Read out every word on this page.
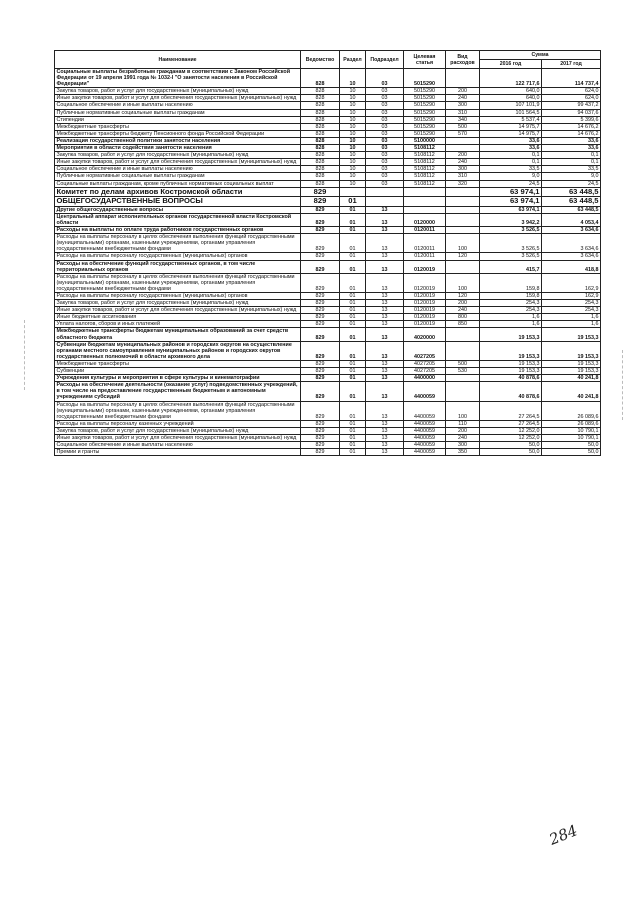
Наименование	Ведомство	Раздел	Подраздел	Целевая статья	Вид расходов	Сумма	
						2016 год	2017 год
Социальные выплаты безработным гражданам в соответствии с Законом Российской Федерации от 19 апреля 1991 года № 1032-I "О занятости населения в Российской Федерации"	828	10	03	5015290		122 717,6	114 737,4
Закупка товаров, работ и услуг для государственных (муниципальных) нужд	828	10	03	5015290	200	640,0	624,0
Иные закупки товаров, работ и услуг для обеспечения государственных (муниципальных) нужд	828	10	03	5015290	240	640,0	624,0
Социальное обеспечение и иные выплаты населению	828	10	03	5015290	300	107 101,9	99 437,2
Публичные нормативные социальные выплаты гражданам	828	10	03	5015290	310	101 564,5	94 037,6
Стипендии	828	10	03	5015290	340	5 537,4	5 399,6
Межбюджетные трансферты	828	10	03	5015290	500	14 975,7	14 676,2
Межбюджетные трансферты бюджету Пенсионного фонда Российской Федерации	828	10	03	5015290	570	14 975,7	14 676,2
Реализация государственной политики занятости населения	828	10	03	5100000		33,6	33,6
Мероприятия в области содействия занятости населения	828	10	03	5108112		33,6	33,6
Закупка товаров, работ и услуг для государственных (муниципальных) нужд	828	10	03	5108112	200	0,1	0,1
Иные закупки товаров, работ и услуг для обеспечения государственных (муниципальных) нужд	828	10	03	5108112	240	0,1	0,1
Социальное обеспечение и иные выплаты населению	828	10	03	5108112	300	33,5	33,5
Публичные нормативные социальные выплаты гражданам	828	10	03	5108112	310	9,0	9,0
Социальные выплаты гражданам, кроме публичных нормативных социальных выплат	828	10	03	5108112	320	24,5	24,5
Комитет по делам архивов Костромской области	829					63 974,1	63 448,5
ОБЩЕГОСУДАРСТВЕННЫЕ ВОПРОСЫ	829	01				63 974,1	63 448,5
Другие общегосударственные вопросы	829	01	13			63 974,1	63 448,5
Центральный аппарат исполнительных органов государственной власти Костромской области	829	01	13	0120000		3 942,2	4 053,4
Расходы на выплаты по оплате труда работников государственных органов	829	01	13	0120011		3 526,5	3 634,6
Расходы на выплаты персоналу в целях обеспечения выполнения функций государственными (муниципальными) органами, казенными учреждениями, органами управления государственными внебюджетными фондами	829	01	13	0120011	100	3 526,5	3 634,6
Расходы на выплаты персоналу государственных (муниципальных) органов	829	01	13	0120011	120	3 526,5	3 634,6
Расходы на обеспечение функций государственных органов, в том числе территориальных органов	829	01	13	0120019		415,7	418,8
Расходы на выплаты персоналу в целях обеспечения выполнения функций государственными (муниципальными) органами, казенными учреждениями, органами управления государственными внебюджетными фондами	829	01	13	0120019	100	159,8	162,9
Расходы на выплаты персоналу государственных (муниципальных) органов	829	01	13	0120019	120	159,8	162,9
Закупка товаров, работ и услуг для государственных (муниципальных) нужд	829	01	13	0120019	200	254,3	254,3
Иные закупки товаров, работ и услуг для обеспечения государственных (муниципальных) нужд	829	01	13	0120019	240	254,3	254,3
Иные бюджетные ассигнования	829	01	13	0120019	800	1,6	1,6
Уплата налогов, сборов и иных платежей	829	01	13	0120019	850	1,6	1,6
Межбюджетные трансферты бюджетам муниципальных образований за счет средств областного бюджета	829	01	13	4020000		19 153,3	19 153,3
Субвенции бюджетам муниципальных районов и городских округов на осуществление органами местного самоуправления муниципальных районов и городских округов государственных полномочий в области архивного дела	829	01	13	4027205		19 153,3	19 153,3
Межбюджетные трансферты	829	01	13	4027205	500	19 153,3	19 153,3
Субвенции	829	01	13	4027205	530	19 153,3	19 153,3
Учреждения культуры и мероприятия в сфере культуры и кинематографии	829	01	13	4400000		40 878,6	40 241,8
Расходы на обеспечение деятельности (оказание услуг) подведомственных учреждений, в том числе на предоставление государственным бюджетным и автономным учреждениям субсидий	829	01	13	4400059		40 878,6	40 241,8
Расходы на выплаты персоналу в целях обеспечения выполнения функций государственными (муниципальными) органами, казенными учреждениями, органами управления государственными внебюджетными фондами	829	01	13	4400059	100	27 264,5	26 089,6
Расходы на выплаты персоналу казенных учреждений	829	01	13	4400059	110	27 264,5	26 089,6
Закупка товаров, работ и услуг для государственных (муниципальных) нужд	829	01	13	4400059	200	12 252,0	10 790,1
Иные закупки товаров, работ и услуг для обеспечения государственных (муниципальных) нужд	829	01	13	4400059	240	12 252,0	10 790,1
Социальное обеспечение и иные выплаты населению	829	01	13	4400059	300	50,0	50,0
Премии и гранты	829	01	13	4400059	350	50,0	50,0
284
